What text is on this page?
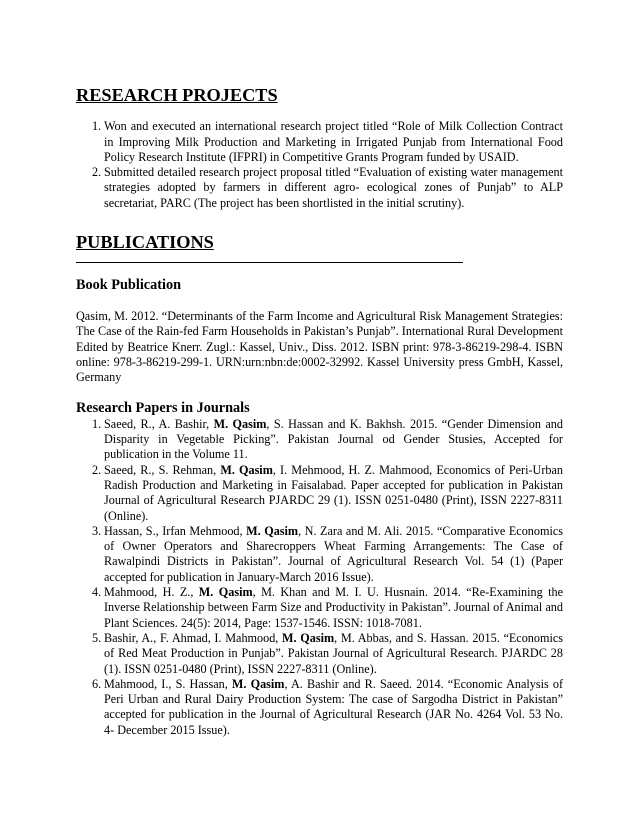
RESEARCH PROJECTS
1. Won and executed an international research project titled “Role of Milk Collection Contract in Improving Milk Production and Marketing in Irrigated Punjab from International Food Policy Research Institute (IFPRI) in Competitive Grants Program funded by USAID.
2. Submitted detailed research project proposal titled “Evaluation of existing water management strategies adopted by farmers in different agro- ecological zones of Punjab” to ALP secretariat, PARC (The project has been shortlisted in the initial scrutiny).
PUBLICATIONS
Book Publication

Qasim, M. 2012. “Determinants of the Farm Income and Agricultural Risk Management Strategies: The Case of the Rain-fed Farm Households in Pakistan’s Punjab”. International Rural Development Edited by Beatrice Knerr. Zugl.: Kassel, Univ., Diss. 2012. ISBN print: 978-3-86219-298-4. ISBN online: 978-3-86219-299-1. URN:urn:nbn:de:0002-32992. Kassel University press GmbH, Kassel, Germany

Research Papers in Journals
1. Saeed, R., A. Bashir, M. Qasim, S. Hassan and K. Bakhsh. 2015. “Gender Dimension and Disparity in Vegetable Picking”. Pakistan Journal od Gender Stusies, Accepted for publication in the Volume 11.
2. Saeed, R., S. Rehman, M. Qasim, I. Mehmood, H. Z. Mahmood, Economics of Peri-Urban Radish Production and Marketing in Faisalabad. Paper accepted for publication in Pakistan Journal of Agricultural Research PJARDC 29 (1). ISSN 0251-0480 (Print), ISSN 2227-8311 (Online).
3. Hassan, S., Irfan Mehmood, M. Qasim, N. Zara and M. Ali. 2015. “Comparative Economics of Owner Operators and Sharecroppers Wheat Farming Arrangements: The Case of Rawalpindi Districts in Pakistan”. Journal of Agricultural Research Vol. 54 (1) (Paper accepted for publication in January-March 2016 Issue).
4. Mahmood, H. Z., M. Qasim, M. Khan and M. I. U. Husnain. 2014. “Re-Examining the Inverse Relationship between Farm Size and Productivity in Pakistan”. Journal of Animal and Plant Sciences. 24(5): 2014, Page: 1537-1546. ISSN: 1018-7081.
5. Bashir, A., F. Ahmad, I. Mahmood, M. Qasim, M. Abbas, and S. Hassan. 2015. “Economics of Red Meat Production in Punjab”. Pakistan Journal of Agricultural Research. PJARDC 28 (1). ISSN 0251-0480 (Print), ISSN 2227-8311 (Online).
6. Mahmood, I., S. Hassan, M. Qasim, A. Bashir and R. Saeed. 2014. “Economic Analysis of Peri Urban and Rural Dairy Production System: The case of Sargodha District in Pakistan” accepted for publication in the Journal of Agricultural Research (JAR No. 4264 Vol. 53 No. 4- December 2015 Issue).
